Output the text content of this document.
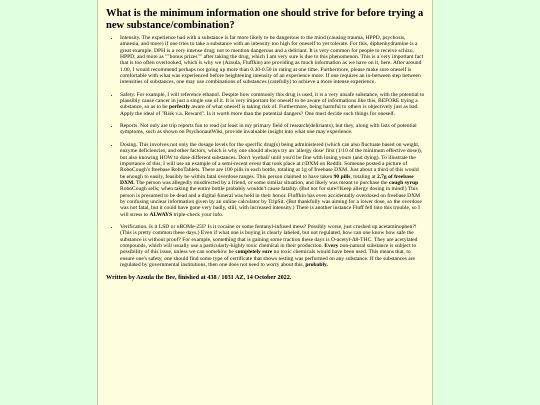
What is the minimum information one should strive for before trying a new substance/combination?
• Intensity. The experience had with a substance is far more likely to be dangerous to the mind (causing trauma, HPPD, psychosis, amnesia, and more) if one tries to take a substance with an intensity too high for oneself to yet tolerate. For this, diphenhydramine is a great example. DPH is a very intense drug; not to mention dangerous and a deliriant. It is very common for people to receive schizo, HPPD, and more as ""bonus prizes"" after taking the drug, which I am very sure is due to this phenomenon. This is a very important fact that is too often overlooked, which is why we (Azsula, Fluffkin) are providing as much information as we have on it, here. After around 1.00, I would recommend perhaps not going up more than 0.30-0.50 in rating at one time. Furthermore, please make sure oneself is comfortable with what was experienced before heightening intensity of an experience more. If one requires an in-between step between intensities of substances, one may use combinations of substances (carefully) to achieve a more intense experience.
• Safety. For example, I will reference ethanol. Despite how commonly this drug is used, it is a very unsafe substance, with the potential to plausibly cause cancer in just a single use of it. It is very important for oneself to be aware of informations like this, BEFORE trying a substance, so as to be perfectly aware of what oneself is taking risk of. Furthermore, being harmful to others is objectively just as bad. Apply the ideal of "Risk v.a. Reward". Is it worth more than the potential dangers? One must decide such things for oneself.
• Reports. Not only are trip reports fun to read (at least in my primary field of research(deliriants), but they, along with lists of potential symptoms, such as shown on PsychonautWiki, provide invaluable insight into what one may experience.
• Dosing. This involves not only the dosage levels for the specific drug(s) being administered (which can also fluctuate based on weight, enzyme deficiencies, and other factors, which is why one should always try an 'allergy dose' first (1/10 of the minimum effective dose)), but also knowing HOW to dose different substances. Don't 'eyeball' until you'd be fine with losing yours (and dying). To illustrate the importance of this, I will use an example of a semi-recent event that took place at r/DXM on Reddit. Someone posted a picture of RoboCough's freebase RoboTablets. There are 100 pills in each bottle, totaling at 1g of freebase DXM. Just about a third of this would be enough to easily, feasibly be within fatal overdose ranges. This person claimed to have taken 90 pills, totaling at 2.7g of freebase DXM. The person was allegedly misdirected by a friend, or some similar situation, and likely was meant to purchase the cough syrup RoboCough sells; when taking the entire bottle probably wouldn't cause fatality. (But not for sure!!Keep allergy dosing in mind!) This person is presumed to be dead and a digital funeral was held in their honor. Fluffkin has even accidentally overdosed on freebase DXM by confusing unclear information given by an online calculator by TripSit. (But thankfully was aiming for a lower dose, so the overdose was not fatal, but it could have gone very badly, still, with increased intensity.) There is another instance Fluff fell into this trouble, so I will stress to ALWAYS triple-check your info.
• Verification. Is it LSD or nBOMe-25I? Is it cocaine or some fentanyl-infused mess? Possibly worse, just crushed up acetaminophen?! (This is pretty common these days.) Even if what one is buying is clearly labeled, but not regulated, how can one know how safe the substance is without proof? For example, something that is gaining some traction these days is O-acetyl-Δ8-THC. They are acetylated compounds, which will usually use a particularly-highly toxic chemical in their production. Every non-natural substance is subject to possibility of this issue, unless we can somehow be completely sure no toxic chemicals would have been used. This means that, to ensure one's safety, one should find some type of certificate that shows testing was performed on any substance. If the substances are regulated by governmental institutions, then one does not need to worry about this, probably.
Written by Azsula the Bee, finished at 438 / 1031 AZ, 14 October 2022.
